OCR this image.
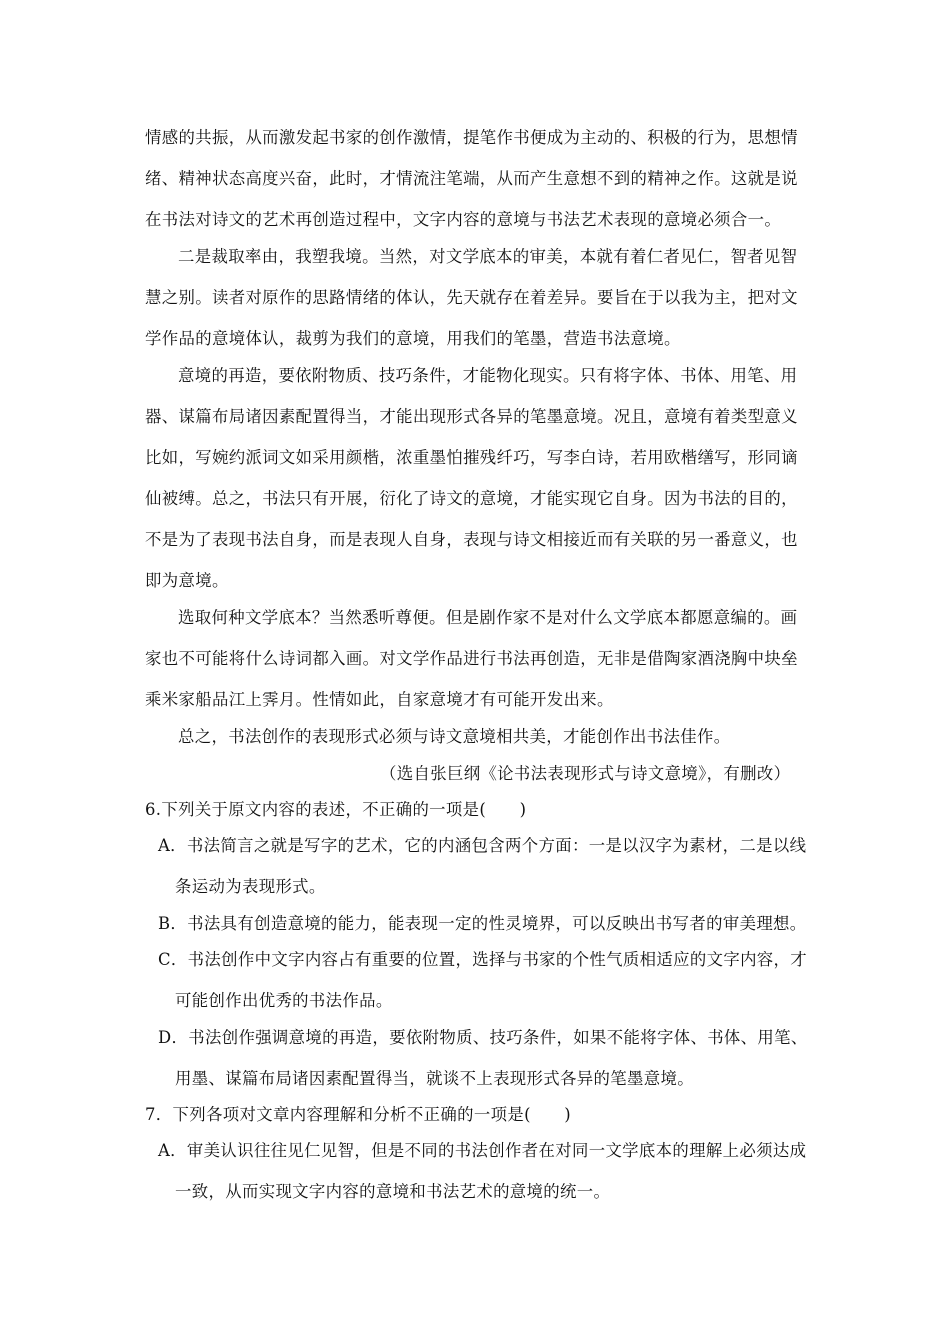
情感的共振，从而激发起书家的创作激情，提笔作书便成为主动的、积极的行为，思想情
绪、精神状态高度兴奋，此时，才情流注笔端，从而产生意想不到的精神之作。这就是说
在书法对诗文的艺术再创造过程中，文字内容的意境与书法艺术表现的意境必须合一。
二是裁取率由，我塑我境。当然，对文学底本的审美，本就有着仁者见仁，智者见智
慧之别。读者对原作的思路情绪的体认，先天就存在着差异。要旨在于以我为主，把对文
学作品的意境体认，裁剪为我们的意境，用我们的笔墨，营造书法意境。
意境的再造，要依附物质、技巧条件，才能物化现实。只有将字体、书体、用笔、用
器、谋篇布局诸因素配置得当，才能出现形式各异的笔墨意境。况且，意境有着类型意义
比如，写婉约派词文如采用颜楷，浓重墨怕摧残纤巧，写李白诗，若用欧楷缮写，形同谪
仙被缚。总之，书法只有开展，衍化了诗文的意境，才能实现它自身。因为书法的目的，
不是为了表现书法自身，而是表现人自身，表现与诗文相接近而有关联的另一番意义，也
即为意境。
选取何种文学底本？当然悉听尊便。但是剧作家不是对什么文学底本都愿意编的。画
家也不可能将什么诗词都入画。对文学作品进行书法再创造，无非是借陶家酒浇胸中块垒
乘米家船品江上霁月。性情如此，自家意境才有可能开发出来。
总之，书法创作的表现形式必须与诗文意境相共美，才能创作出书法佳作。
（选自张巨纲《论书法表现形式与诗文意境》，有删改）
6.下列关于原文内容的表述，不正确的一项是(　　)
A．书法简言之就是写字的艺术，它的内涵包含两个方面：一是以汉字为素材，二是以线
条运动为表现形式。
B．书法具有创造意境的能力，能表现一定的性灵境界，可以反映出书写者的审美理想。
C．书法创作中文字内容占有重要的位置，选择与书家的个性气质相适应的文字内容，才
可能创作出优秀的书法作品。
D．书法创作强调意境的再造，要依附物质、技巧条件，如果不能将字体、书体、用笔、
用墨、谋篇布局诸因素配置得当，就谈不上表现形式各异的笔墨意境。
7．下列各项对文章内容理解和分析不正确的一项是(　　)
A．审美认识往往见仁见智，但是不同的书法创作者在对同一文学底本的理解上必须达成
一致，从而实现文字内容的意境和书法艺术的意境的统一。
